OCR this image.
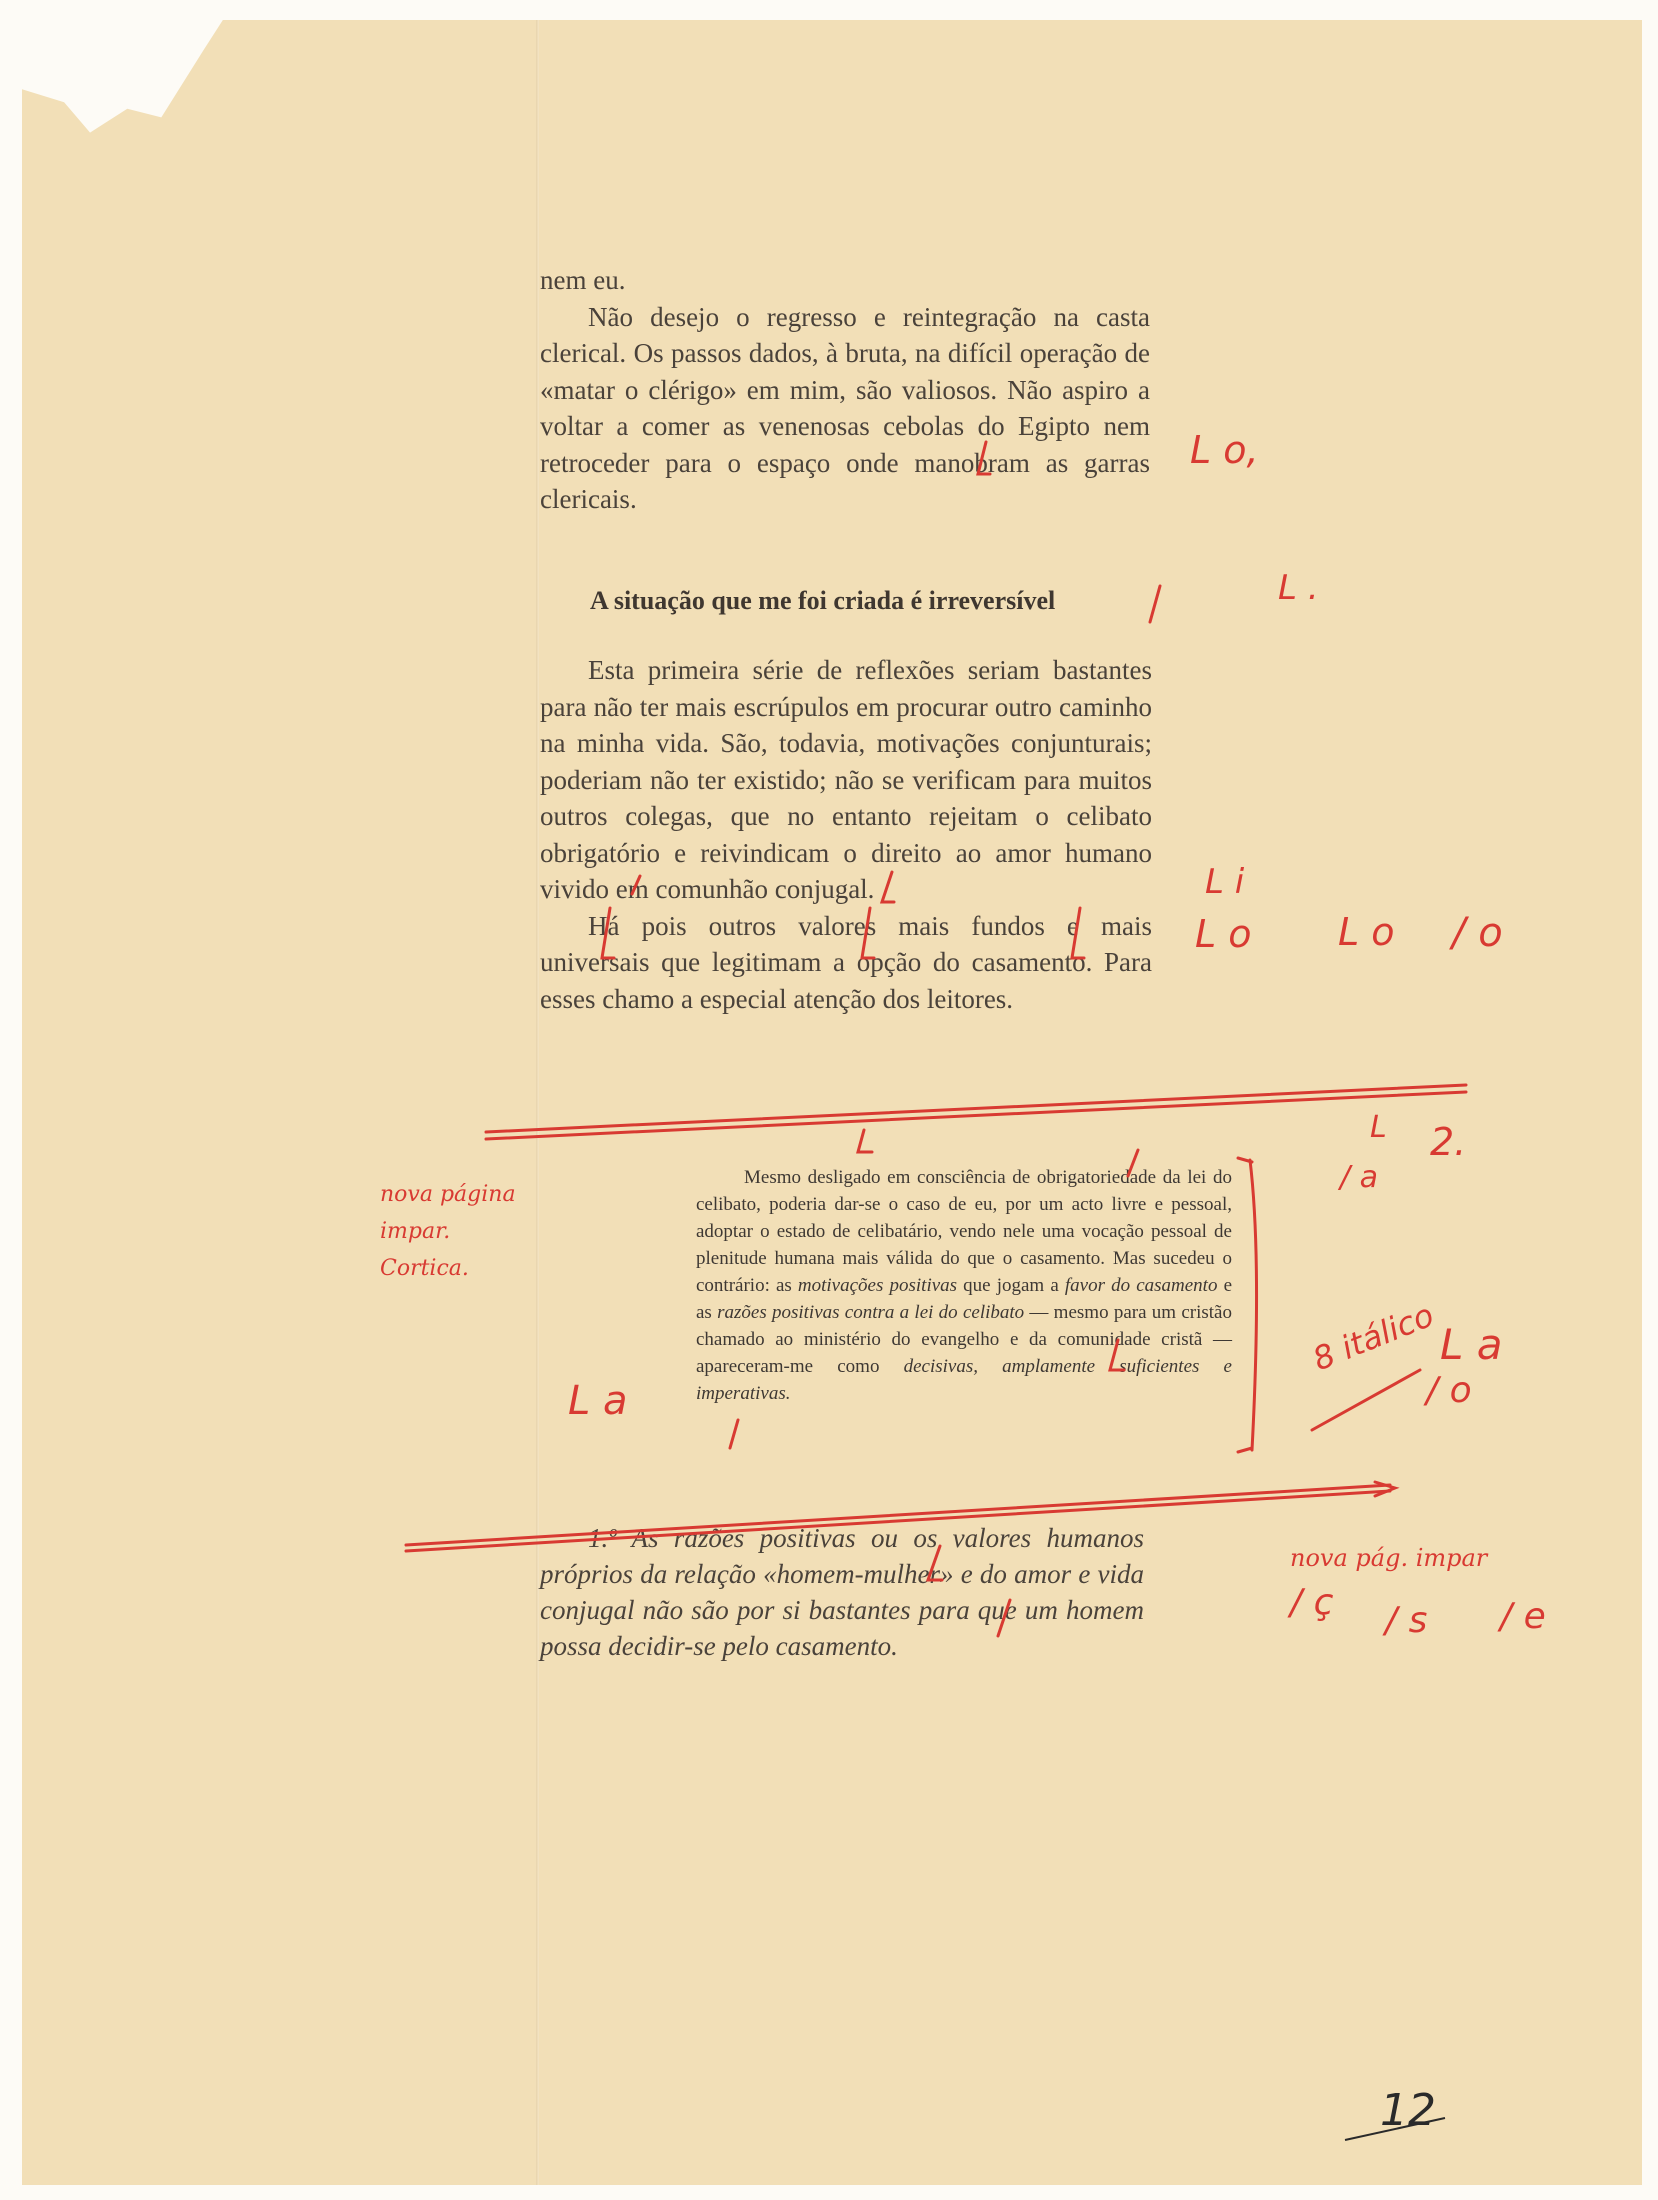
nem eu.

Não desejo o regresso e reintegração na casta clerical. Os passos dados, à bruta, na difícil operação de «matar o clérigo» em mim, são valiosos. Não aspiro a voltar a comer as venenosas cebolas do Egipto nem retroceder para o espaço onde manobram as garras clericais.

A situação que me foi criada é irreversível

Esta primeira série de reflexões seriam bastantes para não ter mais escrúpulos em procurar outro caminho na minha vida. São, todavia, motivações conjunturais; poderiam não ter existido; não se verificam para muitos outros colegas, que no entanto rejeitam o celibato obrigatório e reivindicam o direito ao amor humano vivido em comunhão conjugal.

Há pois outros valores mais fundos e mais universais que legitimam a opção do casamento. Para esses chamo a especial atenção dos leitores.

Mesmo desligado em consciência de obrigatoriedade da lei do celibato, poderia dar-se o caso de eu, por um acto livre e pessoal, adoptar o estado de celibatário, vendo nele uma vocação pessoal de plenitude humana mais válida do que o casamento. Mas sucedeu o contrário: as motivações positivas que jogam a favor do casamento e as razões positivas contra a lei do celibato — mesmo para um cristão chamado ao ministério do evangelho e da comunidade cristã — apareceram-me como decisivas, amplamente suficientes e imperativas.

1.º As razões positivas ou os valores humanos próprios da relação «homem-mulher» e do amor e vida conjugal não são por si bastantes para que um homem possa decidir-se pelo casamento.

L o,
L .
L i
L o L o / o
L 2.
/ a
8 itálico L a
/ o
L a
nova página
impar.
Cortica.
nova pág. impar
/ ç / s / e
12
